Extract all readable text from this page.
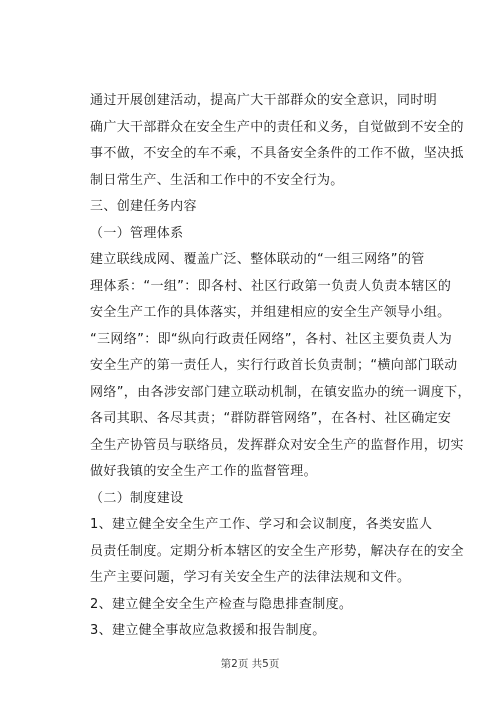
通过开展创建活动，提高广大干部群众的安全意识，同时明
确广大干部群众在安全生产中的责任和义务，自觉做到不安全的
事不做，不安全的车不乘，不具备安全条件的工作不做，坚决抵
制日常生产、生活和工作中的不安全行为。
三、创建任务内容
（一）管理体系
建立联线成网、覆盖广泛、整体联动的“一组三网络”的管
理体系：“一组”：即各村、社区行政第一负责人负责本辖区的
安全生产工作的具体落实，并组建相应的安全生产领导小组。
“三网络”：即“纵向行政责任网络”，各村、社区主要负责人为
安全生产的第一责任人，实行行政首长负责制；“横向部门联动
网络”，由各涉安部门建立联动机制，在镇安监办的统一调度下，
各司其职、各尽其责；“群防群管网络”，在各村、社区确定安
全生产协管员与联络员，发挥群众对安全生产的监督作用，切实
做好我镇的安全生产工作的监督管理。
（二）制度建设
1、建立健全安全生产工作、学习和会议制度，各类安监人
员责任制度。定期分析本辖区的安全生产形势，解决存在的安全
生产主要问题，学习有关安全生产的法律法规和文件。
2、建立健全安全生产检查与隐患排查制度。
3、建立健全事故应急救援和报告制度。
第2页 共5页
